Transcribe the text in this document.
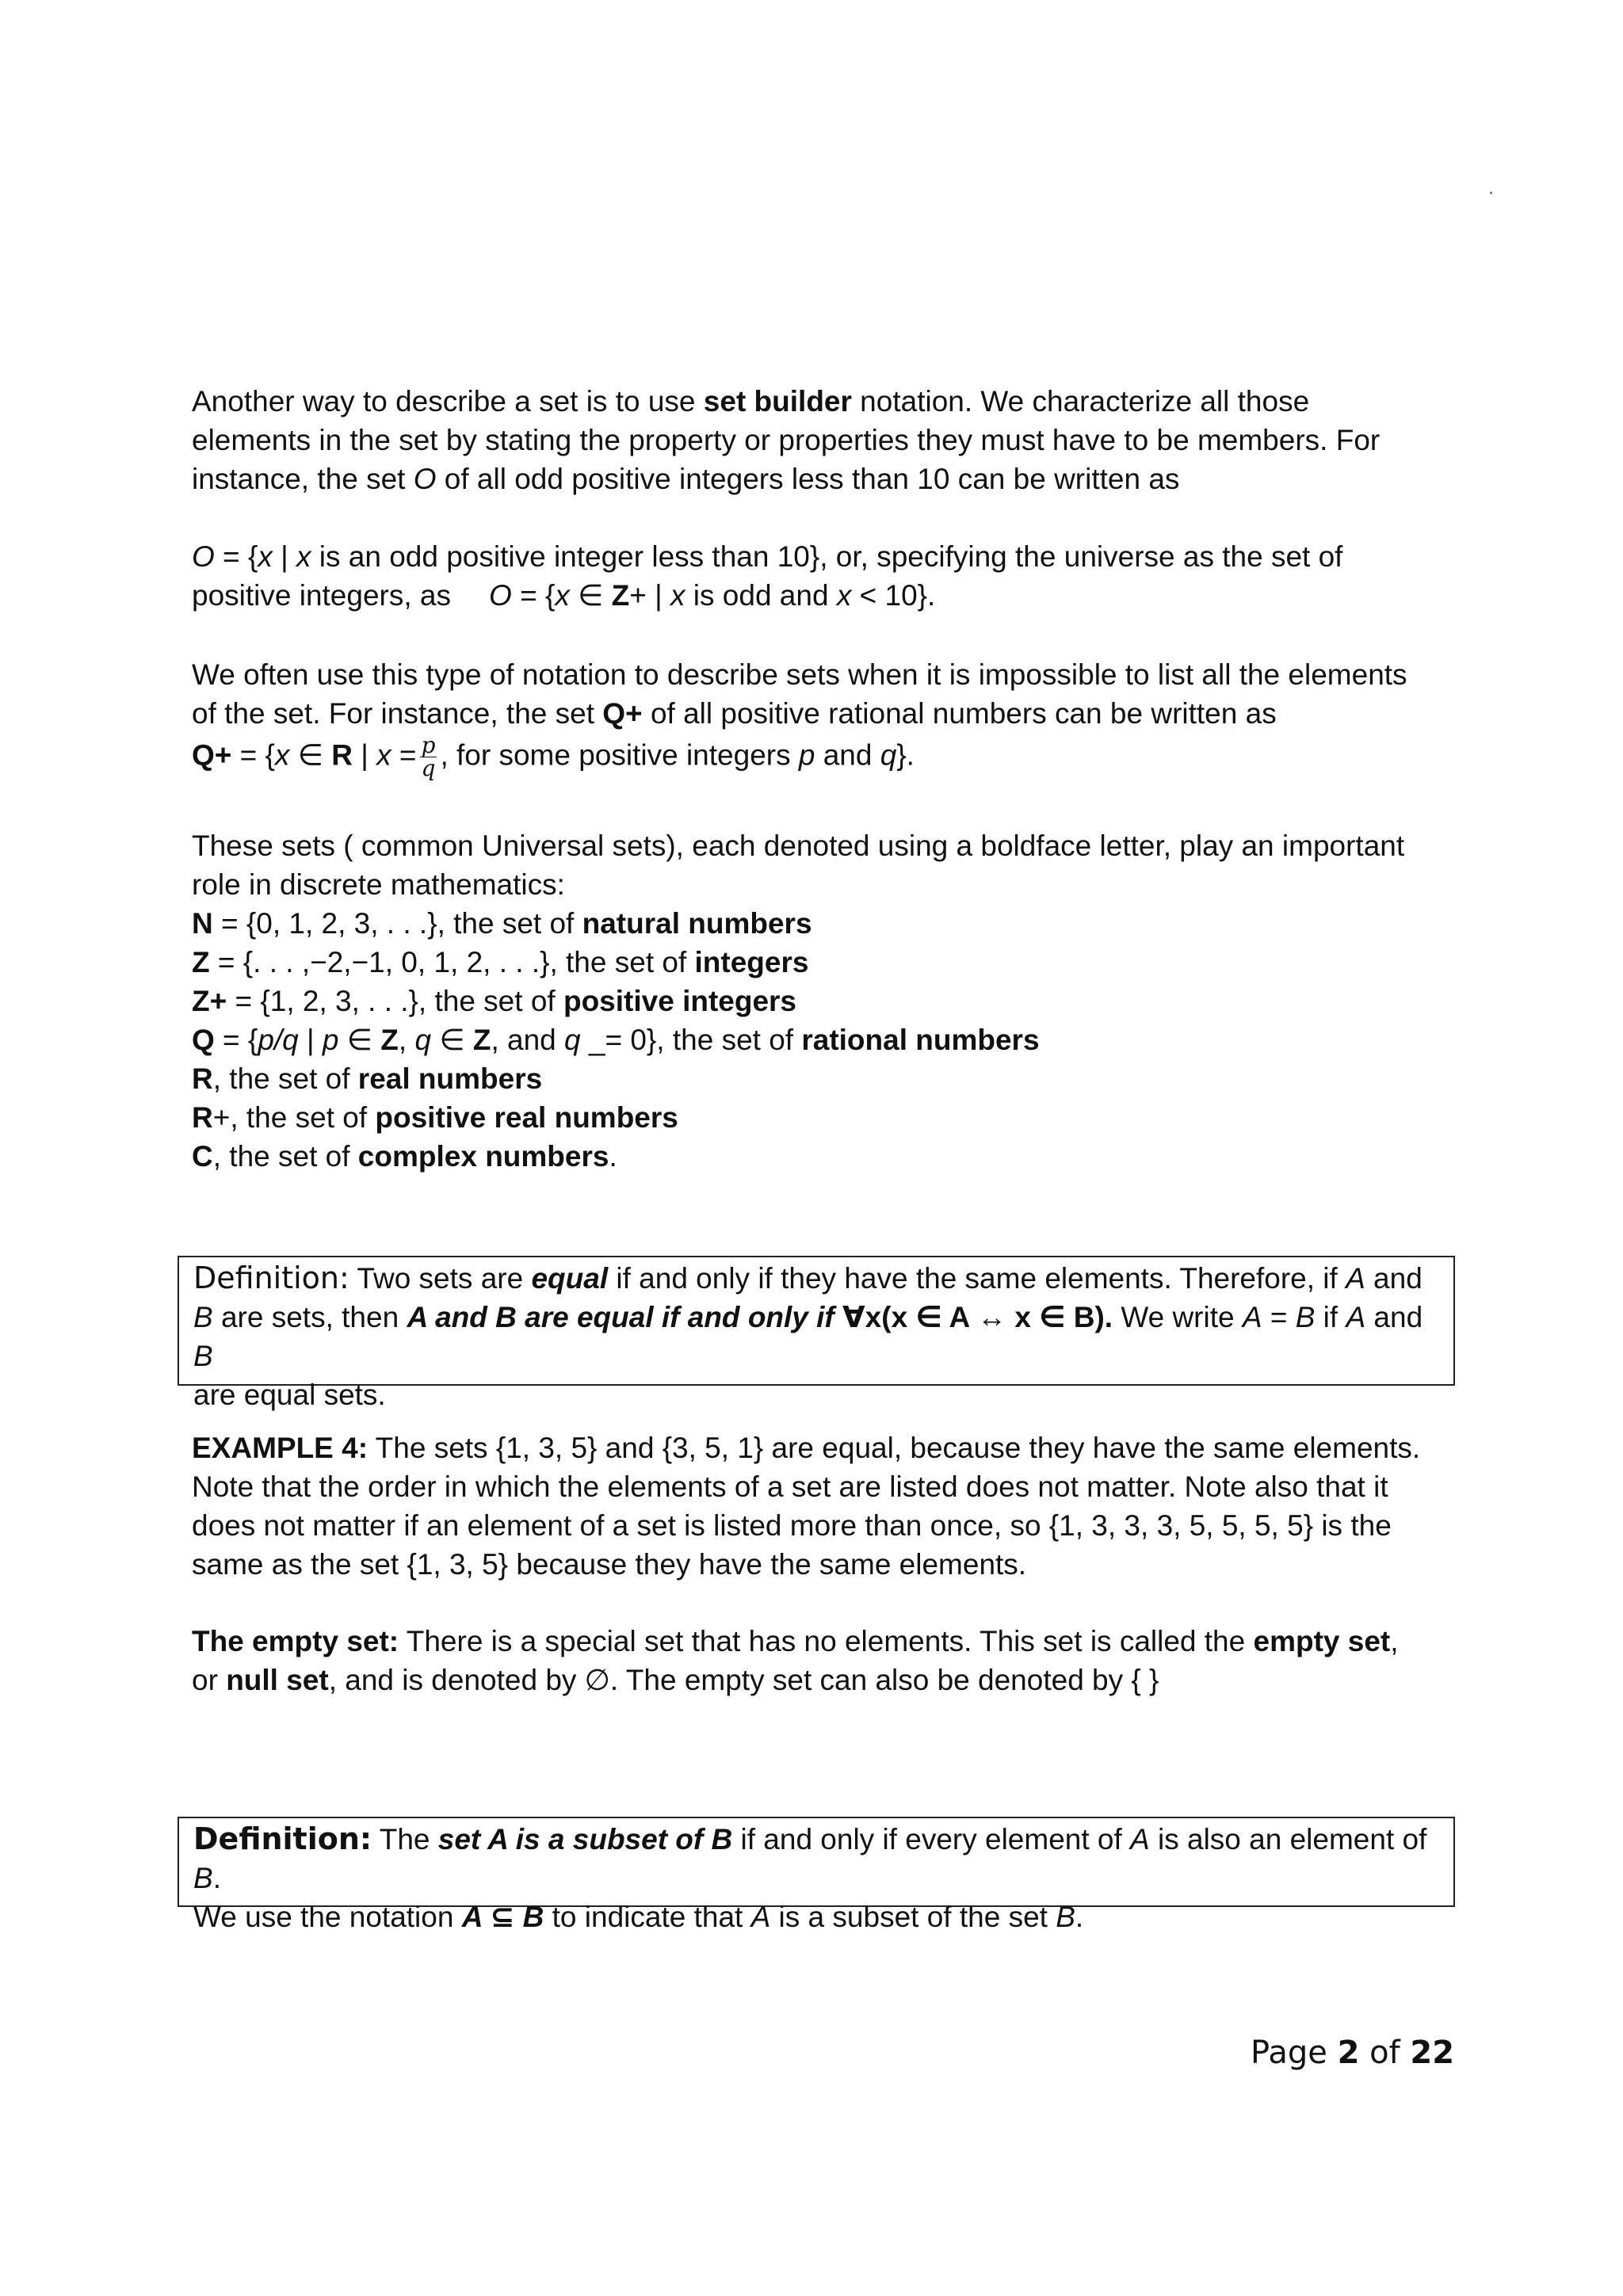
Another way to describe a set is to use set builder notation. We characterize all those

elements in the set by stating the property or properties they must have to be members. For

instance, the set O of all odd positive integers less than 10 can be written as

O = {x | x is an odd positive integer less than 10}, or, specifying the universe as the set of

positive integers, as O = {x ∈ Z+ | x is odd and x < 10}.

We often use this type of notation to describe sets when it is impossible to list all the elements

of the set. For instance, the set Q+ of all positive rational numbers can be written as

Q+ = {x ∈ R | $x = \frac{p}{q}$ , for some positive integers p and q}.

These sets ( common Universal sets), each denoted using a boldface letter, play an important

role in discrete mathematics:

N = {0, 1, 2, 3, . . .}, the set of natural numbers

Z = {. . . ,−2,−1, 0, 1, 2, . . .}, the set of integers

Z+ = {1, 2, 3, . . .}, the set of positive integers

Q = {p/q | p ∈ Z, q ∈ Z, and q _= 0}, the set of rational numbers

R, the set of real numbers

R+, the set of positive real numbers

C, the set of complex numbers.

Definition: Two sets are equal if and only if they have the same elements. Therefore, if A and

B are sets, then A and B are equal if and only if ∀x(x ∈ A ↔ x ∈ B). We write A = B if A and B

are equal sets.

EXAMPLE 4: The sets {1, 3, 5} and {3, 5, 1} are equal, because they have the same elements.

Note that the order in which the elements of a set are listed does not matter. Note also that it

does not matter if an element of a set is listed more than once, so {1, 3, 3, 3, 5, 5, 5, 5} is the

same as the set {1, 3, 5} because they have the same elements.

The empty set: There is a special set that has no elements. This set is called the empty set,

or null set, and is denoted by ∅. The empty set can also be denoted by { }

Definition: The set A is a subset of B if and only if every element of A is also an element of B.

We use the notation A ⊆ B to indicate that A is a subset of the set B.

Page 2 of 22
